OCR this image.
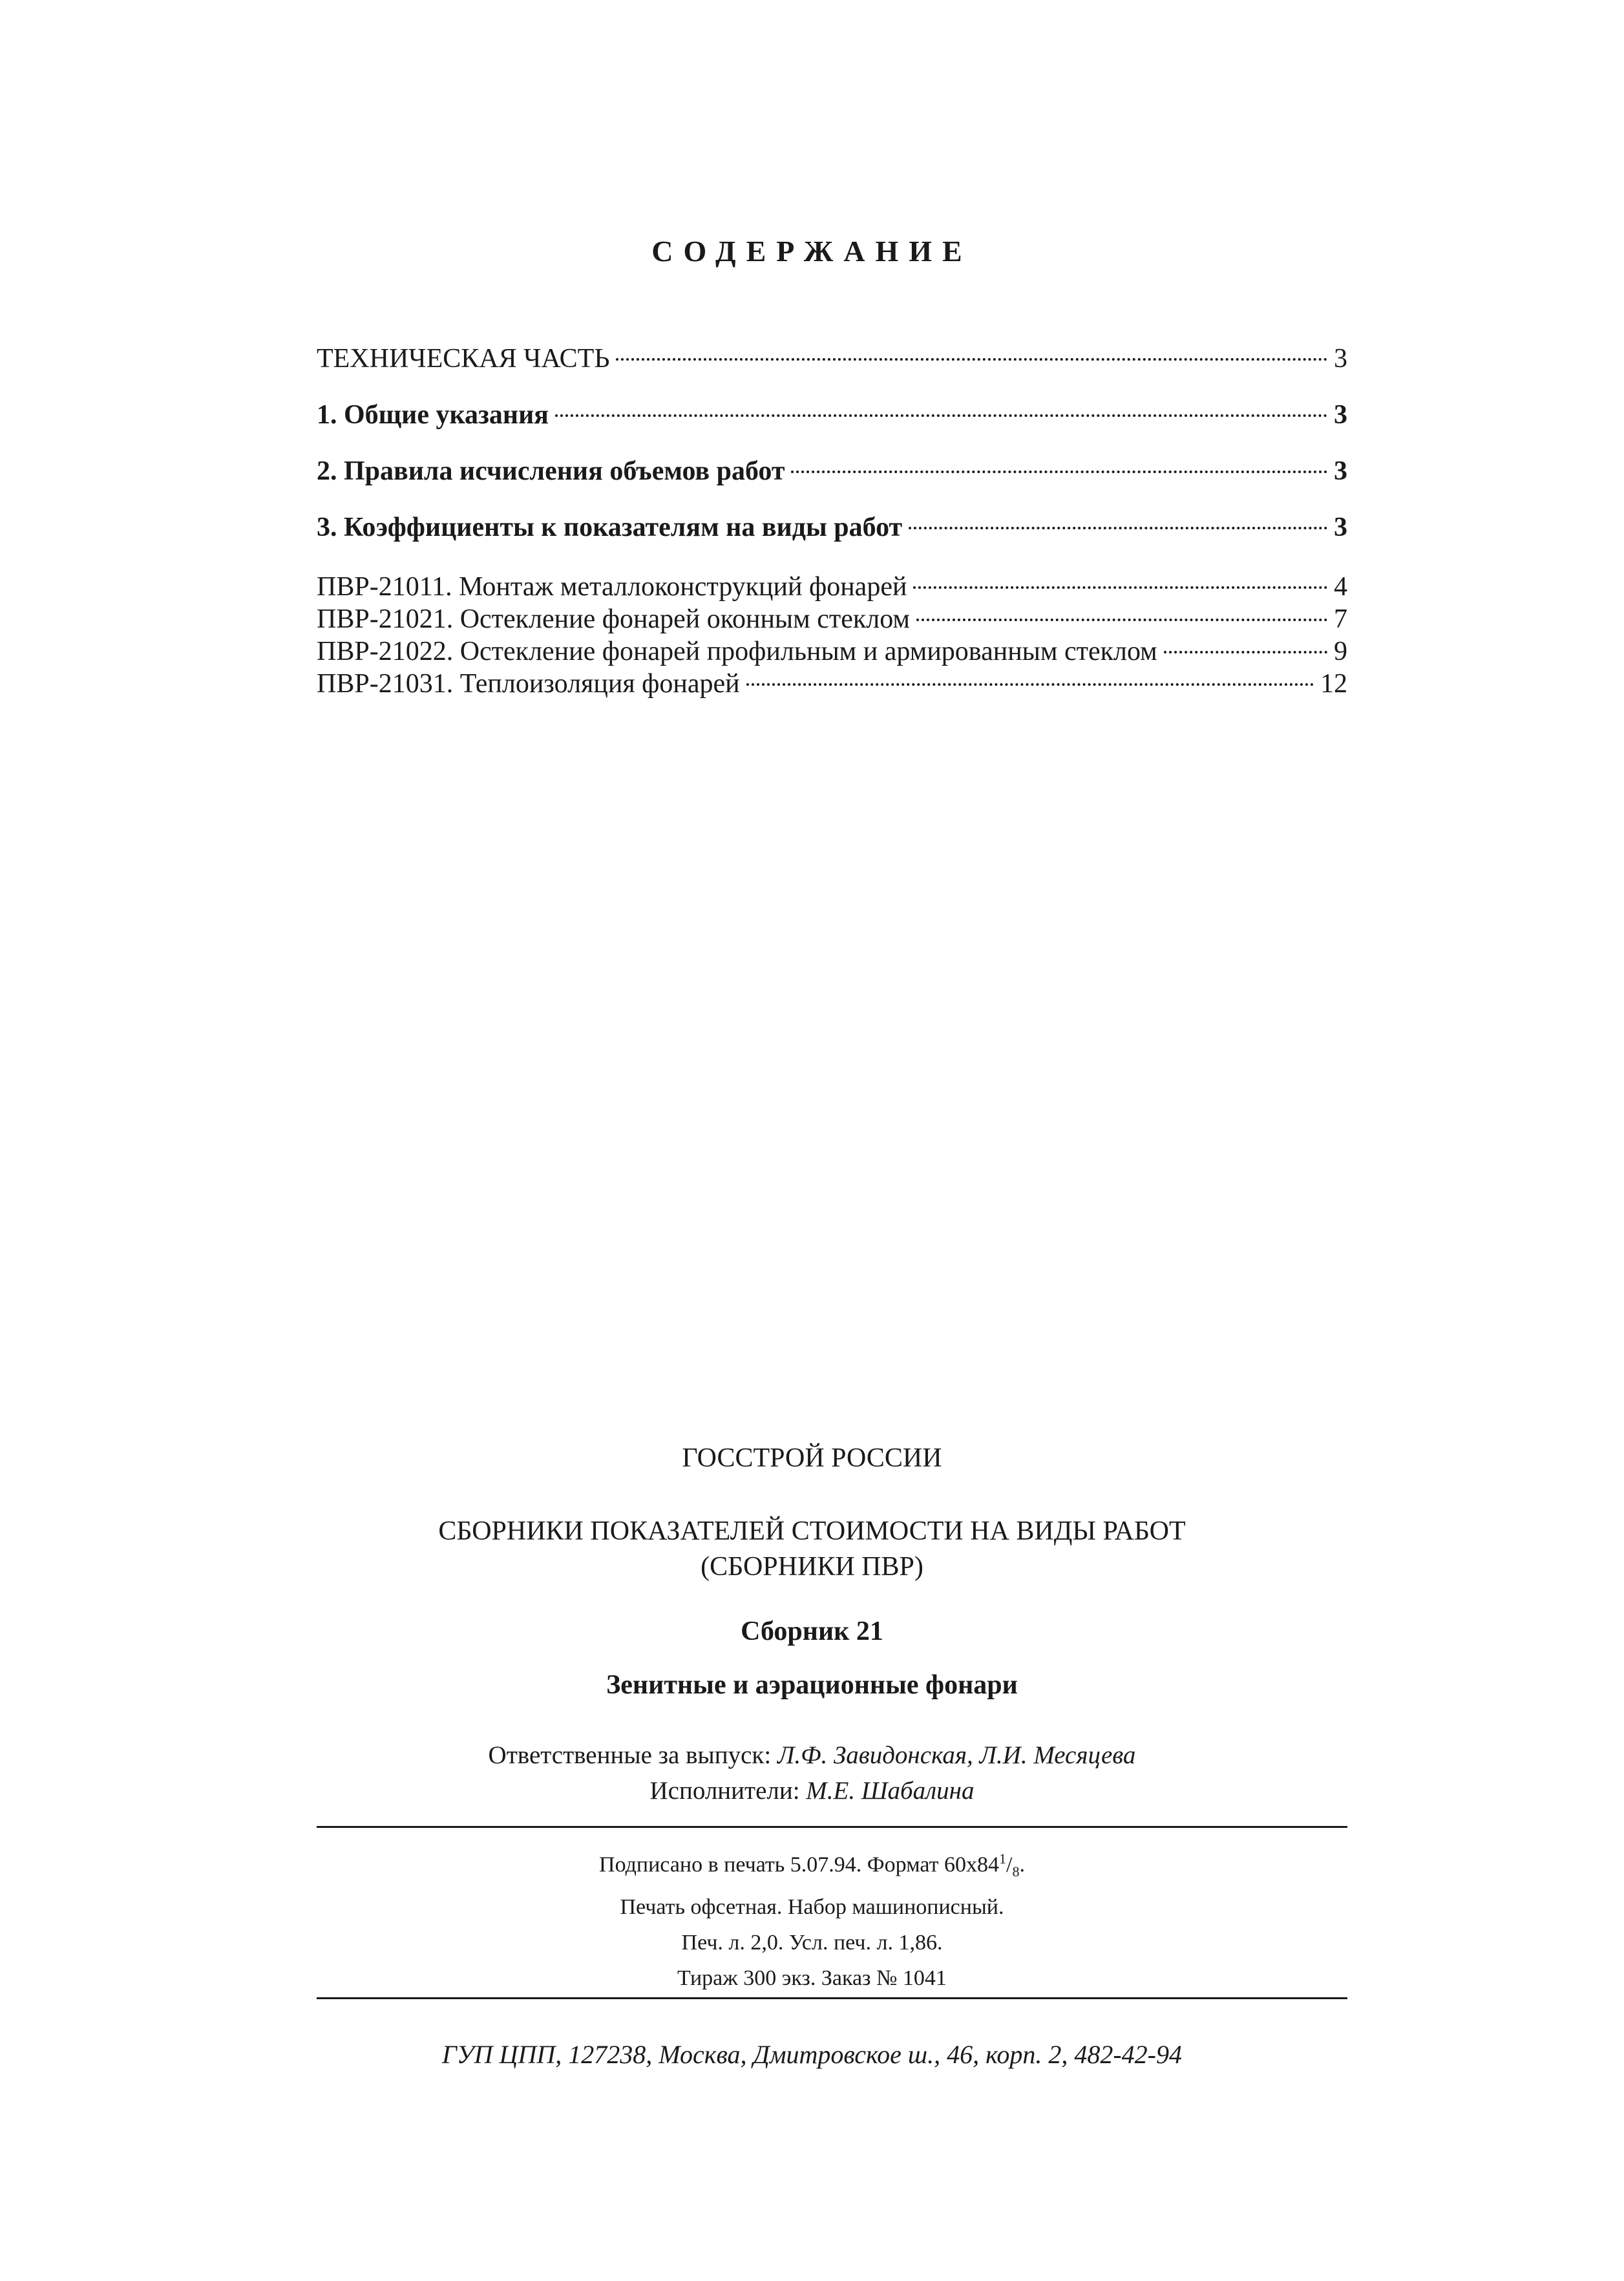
СОДЕРЖАНИЕ
ТЕХНИЧЕСКАЯ ЧАСТЬ	3
1. Общие указания	3
2. Правила исчисления объемов работ	3
3. Коэффициенты к показателям на виды работ	3
ПВР-21011. Монтаж металлоконструкций фонарей	4
ПВР-21021. Остекление фонарей оконным стеклом	7
ПВР-21022. Остекление фонарей профильным и армированным стеклом	9
ПВР-21031. Теплоизоляция фонарей	12
ГОССТРОЙ РОССИИ
СБОРНИКИ ПОКАЗАТЕЛЕЙ СТОИМОСТИ НА ВИДЫ РАБОТ
(СБОРНИКИ ПВР)
Сборник 21
Зенитные и аэрационные фонари
Ответственные за выпуск: Л.Ф. Завидонская, Л.И. Месяцева
Исполнители: М.Е. Шабалина
Подписано в печать 5.07.94. Формат $60x84^1/_8$.
Печать офсетная. Набор машинописный.
Печ. л. 2,0. Усл. печ. л. 1,86.
Тираж 300 экз. Заказ № 1041
ГУП ЦПП, 127238, Москва, Дмитровское ш., 46, корп. 2, 482-42-94
